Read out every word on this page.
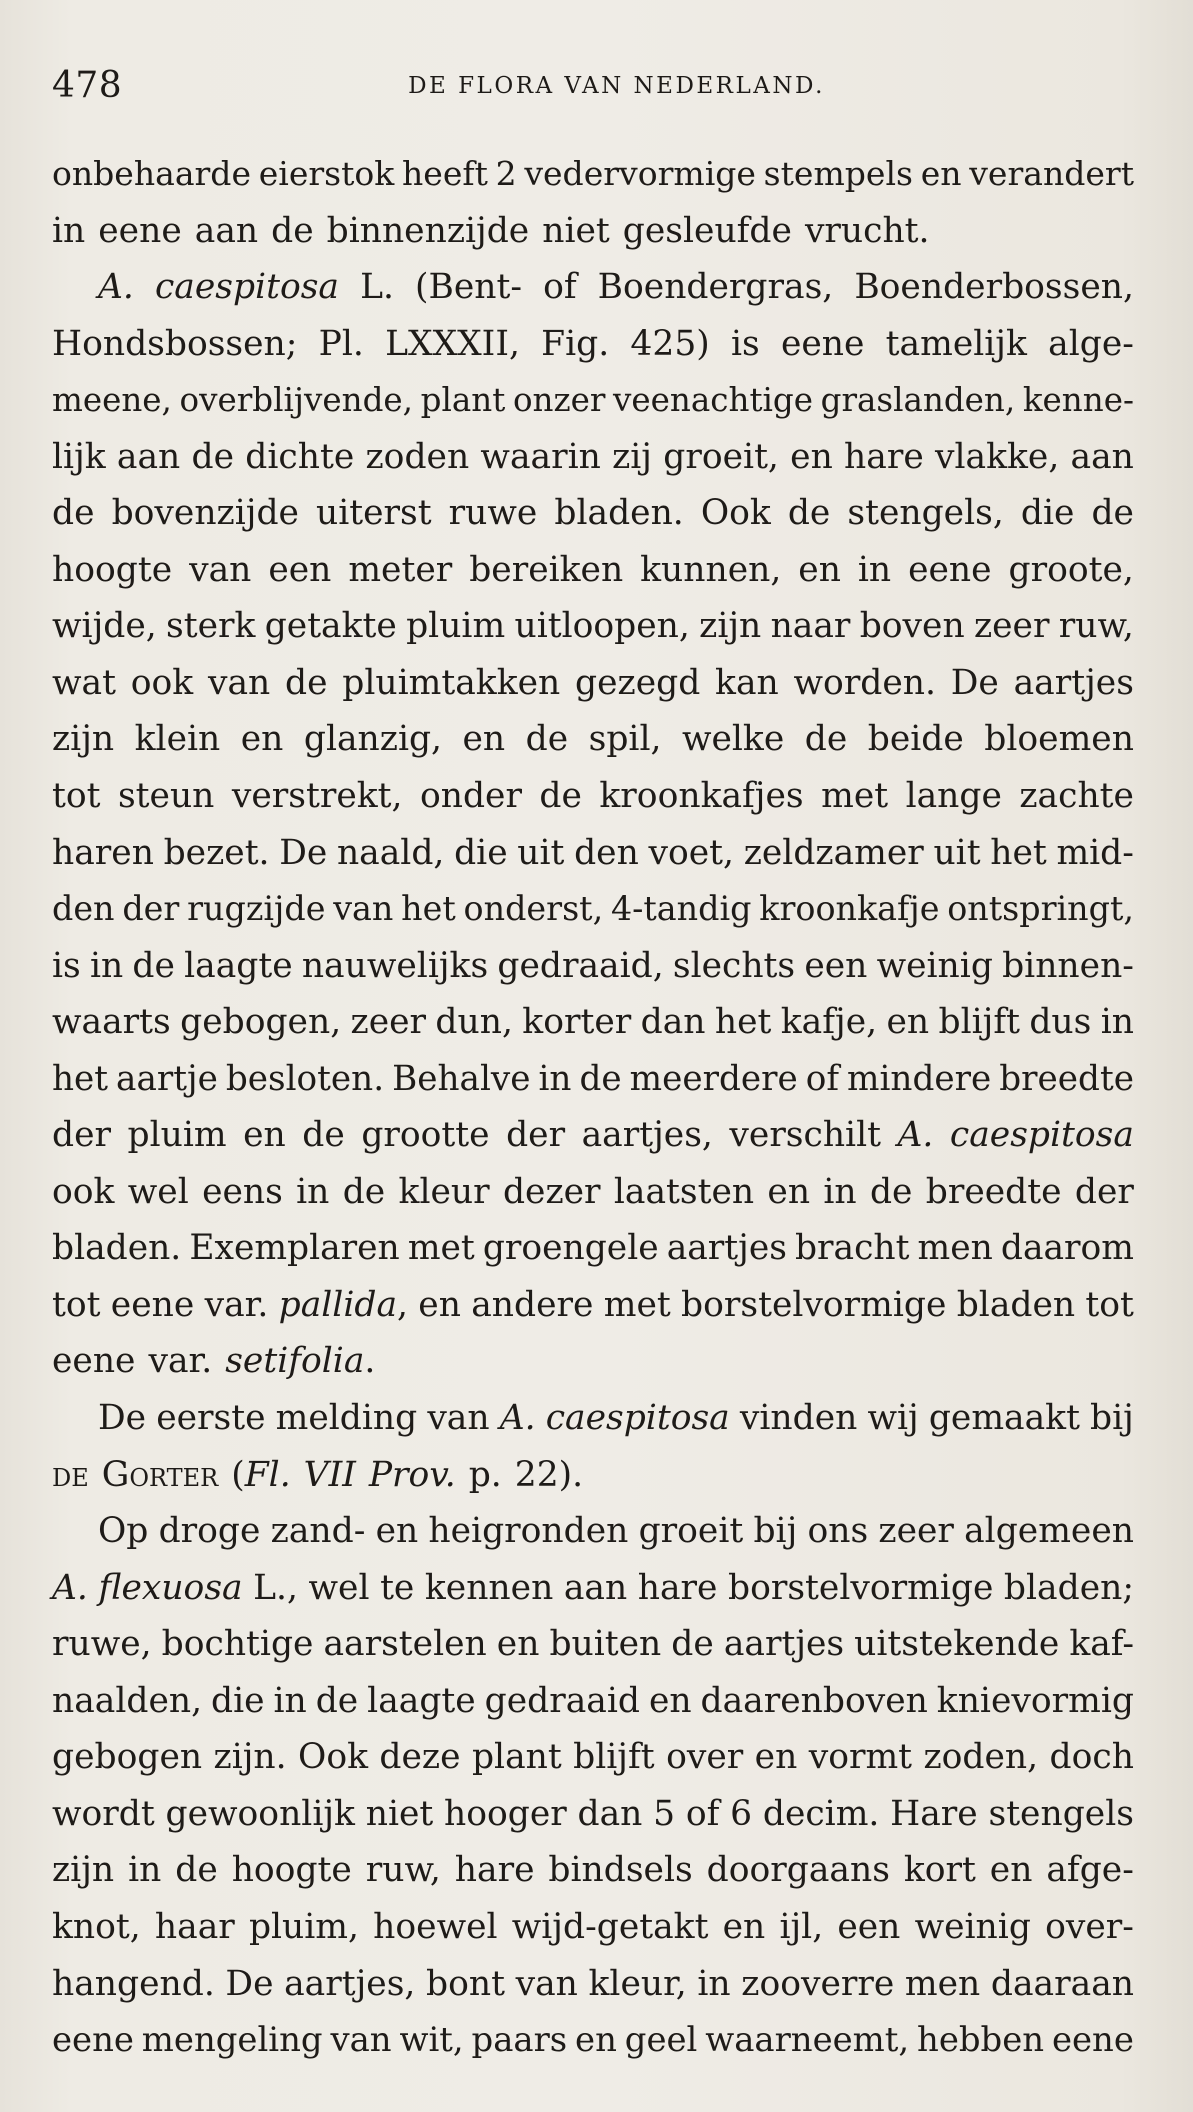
478	DE FLORA VAN NEDERLAND.
onbehaarde eierstok heeft 2 vedervormige stempels en verandert
in eene aan de binnenzijde niet gesleufde vrucht.
A. caespitosa L. (Bent- of Boendergras, Boenderbossen,
Hondsbossen; Pl. LXXXII, Fig. 425) is eene tamelijk alge-
meene, overblijvende, plant onzer veenachtige graslanden, kenne-
lijk aan de dichte zoden waarin zij groeit, en hare vlakke, aan
de bovenzijde uiterst ruwe bladen. Ook de stengels, die de
hoogte van een meter bereiken kunnen, en in eene groote,
wijde, sterk getakte pluim uitloopen, zijn naar boven zeer ruw,
wat ook van de pluimtakken gezegd kan worden. De aartjes
zijn klein en glanzig, en de spil, welke de beide bloemen
tot steun verstrekt, onder de kroonkafjes met lange zachte
haren bezet. De naald, die uit den voet, zeldzamer uit het mid-
den der rugzijde van het onderst, 4-tandig kroonkafje ontspringt,
is in de laagte nauwelijks gedraaid, slechts een weinig binnen-
waarts gebogen, zeer dun, korter dan het kafje, en blijft dus in
het aartje besloten. Behalve in de meerdere of mindere breedte
der pluim en de grootte der aartjes, verschilt A. caespitosa
ook wel eens in de kleur dezer laatsten en in de breedte der
bladen. Exemplaren met groengele aartjes bracht men daarom
tot eene var. pallida, en andere met borstelvormige bladen tot
eene var. setifolia.
De eerste melding van A. caespitosa vinden wij gemaakt bij
de Gorter (Fl. VII Prov. p. 22).
Op droge zand- en heigronden groeit bij ons zeer algemeen
A. flexuosa L., wel te kennen aan hare borstelvormige bladen;
ruwe, bochtige aarstelen en buiten de aartjes uitstekende kaf-
naalden, die in de laagte gedraaid en daarenboven knievormig
gebogen zijn. Ook deze plant blijft over en vormt zoden, doch
wordt gewoonlijk niet hooger dan 5 of 6 decim. Hare stengels
zijn in de hoogte ruw, hare bindsels doorgaans kort en afge-
knot, haar pluim, hoewel wijd-getakt en ijl, een weinig over-
hangend. De aartjes, bont van kleur, in zooverre men daaraan
eene mengeling van wit, paars en geel waarneemt, hebben eene
